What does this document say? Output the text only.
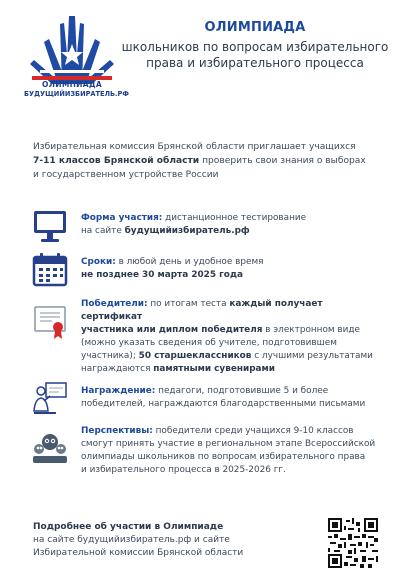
ОЛИМПИАДА
БУДУЩИЙИЗБИРАТЕЛЬ.РФ
ОЛИМПИАДА
школьников по вопросам избирательного
права и избирательного процесса
Избирательная комиссия Брянской области приглашает учащихся
7-11 классов Брянской области проверить свои знания о выборах
и государственном устройстве России
Форма участия: дистанционное тестирование
на сайте будущийизбиратель.рф
Сроки: в любой день и удобное время
не позднее 30 марта 2025 года
Победители: по итогам теста каждый получает сертификат
участника или диплом победителя в электронном виде
(можно указать сведения об учителе, подготовившем
участника); 50 старшеклассников с лучшими результатами
награждаются памятными сувенирами
Награждение: педагоги, подготовившие 5 и более
победителей, награждаются благодарственными письмами
Перспективы: победители среди учащихся 9-10 классов
смогут принять участие в региональном этапе Всероссийской
олимпиады школьников по вопросам избирательного права
и избирательного процесса в 2025-2026 гг.
Подробнее об участии в Олимпиаде
на сайте будущийизбиратель.рф и сайте
Избирательной комиссии Брянской области
